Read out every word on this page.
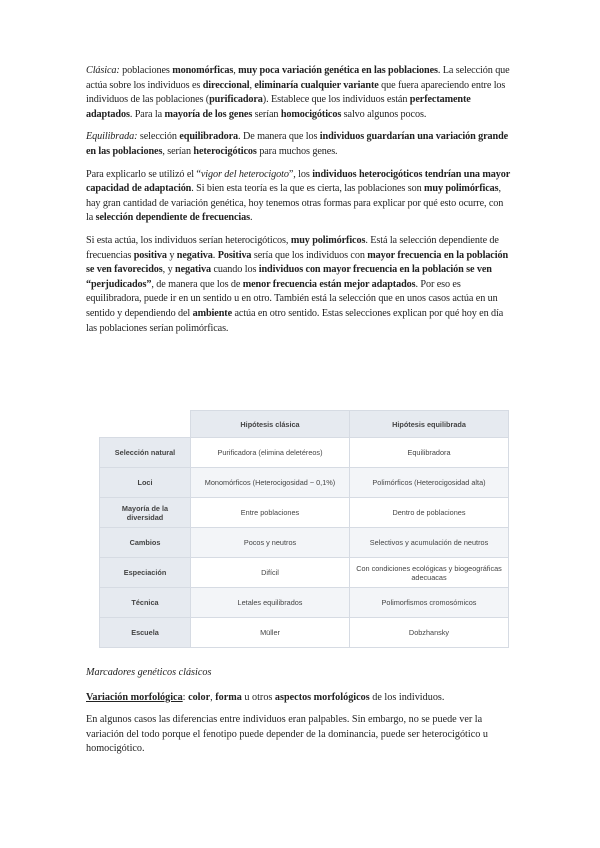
Clásica: poblaciones monomórficas, muy poca variación genética en las poblaciones. La selección que actúa sobre los individuos es direccional, eliminaría cualquier variante que fuera apareciendo entre los individuos de las poblaciones (purificadora). Establece que los individuos están perfectamente adaptados. Para la mayoría de los genes serían homocigóticos salvo algunos pocos.

Equilibrada: selección equilibradora. De manera que los individuos guardarían una variación grande en las poblaciones, serían heterocigóticos para muchos genes.

Para explicarlo se utilizó el “vigor del heterocigoto”, los individuos heterocigóticos tendrían una mayor capacidad de adaptación. Si bien esta teoría es la que es cierta, las poblaciones son muy polimórficas, hay gran cantidad de variación genética, hoy tenemos otras formas para explicar por qué esto ocurre, con la selección dependiente de frecuencias.

Si esta actúa, los individuos serían heterocigóticos, muy polimórficos. Está la selección dependiente de frecuencias positiva y negativa. Positiva sería que los individuos con mayor frecuencia en la población se ven favorecidos, y negativa cuando los individuos con mayor frecuencia en la población se ven “perjudicados”, de manera que los de menor frecuencia están mejor adaptados. Por eso es equilibradora, puede ir en un sentido u en otro. También está la selección que en unos casos actúa en un sentido y dependiendo del ambiente actúa en otro sentido. Estas selecciones explican por qué hoy en día las poblaciones serían polimórficas.

	Hipótesis clásica	Hipótesis equilibrada
Selección natural	Purificadora (elimina deletéreos)	Equilibradora
Loci	Monomórficos (Heterocigosidad ~ 0,1%)	Polimórficos (Heterocigosidad alta)
Mayoría de la diversidad	Entre poblaciones	Dentro de poblaciones
Cambios	Pocos y neutros	Selectivos y acumulación de neutros
Especiación	Difícil	Con condiciones ecológicas y biogeográficas adecuacas
Técnica	Letales equilibrados	Polimorfismos cromosómicos
Escuela	Müller	Dobzhansky

Marcadores genéticos clásicos

Variación morfológica: color, forma u otros aspectos morfológicos de los individuos.

En algunos casos las diferencias entre individuos eran palpables. Sin embargo, no se puede ver la variación del todo porque el fenotipo puede depender de la dominancia, puede ser heterocigótico u homocigótico.
